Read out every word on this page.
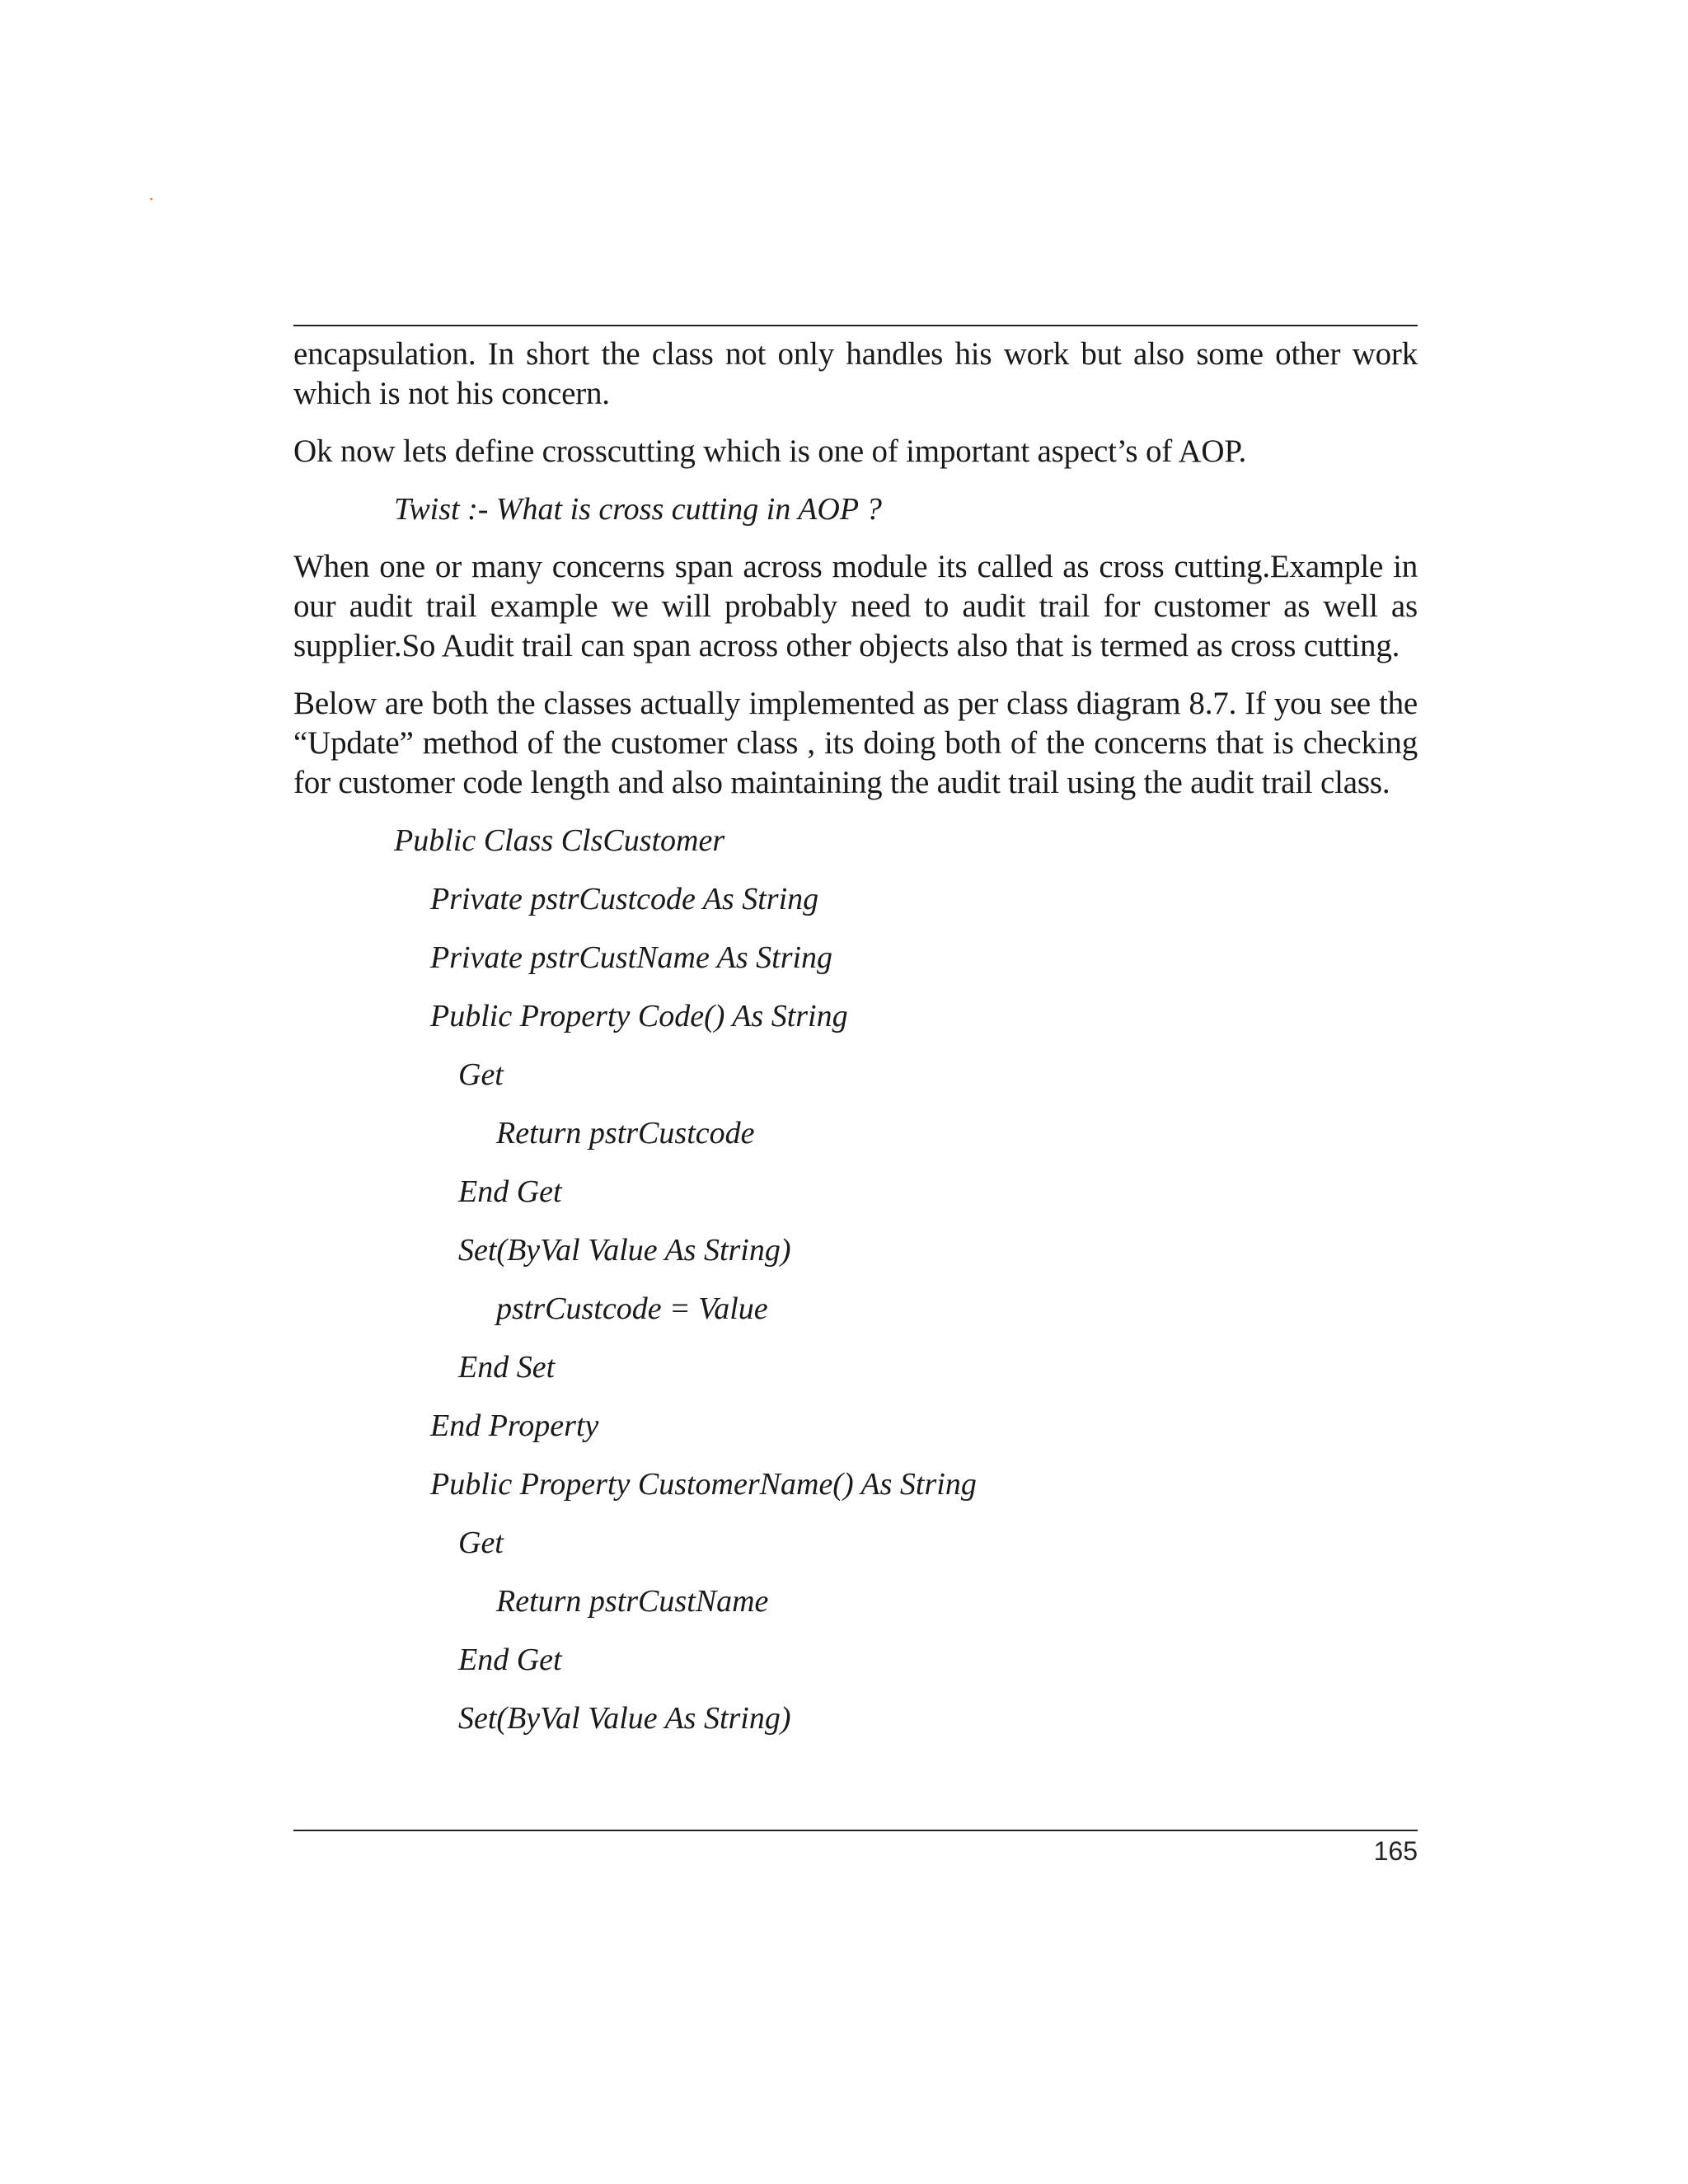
encapsulation. In short the class not only handles his work but also some other work which is not his concern.

Ok now lets define crosscutting which is one of important aspect’s of AOP.

Twist :- What is cross cutting in AOP ?

When one or many concerns span across module its called as cross cutting.Example in our audit trail example we will probably need to audit trail for customer as well as supplier.So Audit trail can span across other objects also that is termed as cross cutting.

Below are both the classes actually implemented as per class diagram 8.7. If you see the “Update” method of the customer class , its doing both of the concerns that is checking for customer code length and also maintaining the audit trail using the audit trail class.

Public Class ClsCustomer
Private pstrCustcode As String
Private pstrCustName As String
Public Property Code() As String
Get
Return pstrCustcode
End Get
Set(ByVal Value As String)
pstrCustcode = Value
End Set
End Property
Public Property CustomerName() As String
Get
Return pstrCustName
End Get
Set(ByVal Value As String)
165
